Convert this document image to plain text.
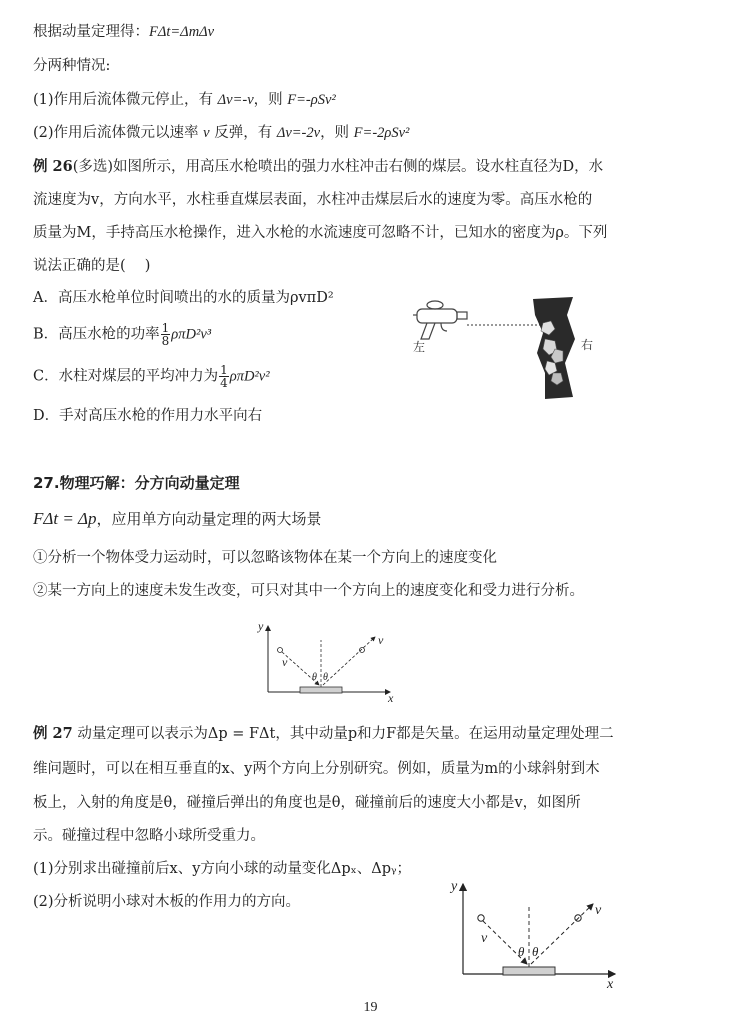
根据动量定理得：FΔt=ΔmΔv
分两种情况:
(1)作用后流体微元停止，有 Δv=-v，则 F=-ρSv²
(2)作用后流体微元以速率 v 反弹，有 Δv=-2v，则 F=-2ρSv²
例 26(多选)如图所示，用高压水枪喷出的强力水柱冲击右侧的煤层。设水柱直径为D，水
流速度为v，方向水平，水柱垂直煤层表面，水柱冲击煤层后水的速度为零。高压水枪的
质量为M，手持高压水枪操作，进入水枪的水流速度可忽略不计，已知水的密度为ρ。下列
说法正确的是(　 )
A．高压水枪单位时间喷出的水的质量为ρvπD²
B．高压水枪的功率 $\frac{1}{8} \rho\pi D^2v^3$
C．水柱对煤层的平均冲力为 $\frac{1}{4} \rho\pi D^2v^2$
D．手对高压水枪的作用力水平向右
左	右
27.物理巧解：分方向动量定理
FΔt = Δp，应用单方向动量定理的两大场景
①分析一个物体受力运动时，可以忽略该物体在某一个方向上的速度变化
②某一方向上的速度未发生改变，可只对其中一个方向上的速度变化和受力进行分析。
y
x
v
v
θ θ
例 27 动量定理可以表示为Δp = FΔt，其中动量p和力F都是矢量。在运用动量定理处理二
维问题时，可以在相互垂直的x、y两个方向上分别研究。例如，质量为m的小球斜射到木
板上，入射的角度是θ，碰撞后弹出的角度也是θ，碰撞前后的速度大小都是v，如图所
示。碰撞过程中忽略小球所受重力。
(1)分别求出碰撞前后x、y方向小球的动量变化Δpₓ、Δpᵧ；
(2)分析说明小球对木板的作用力的方向。
y
x
v
v
θ θ
19
